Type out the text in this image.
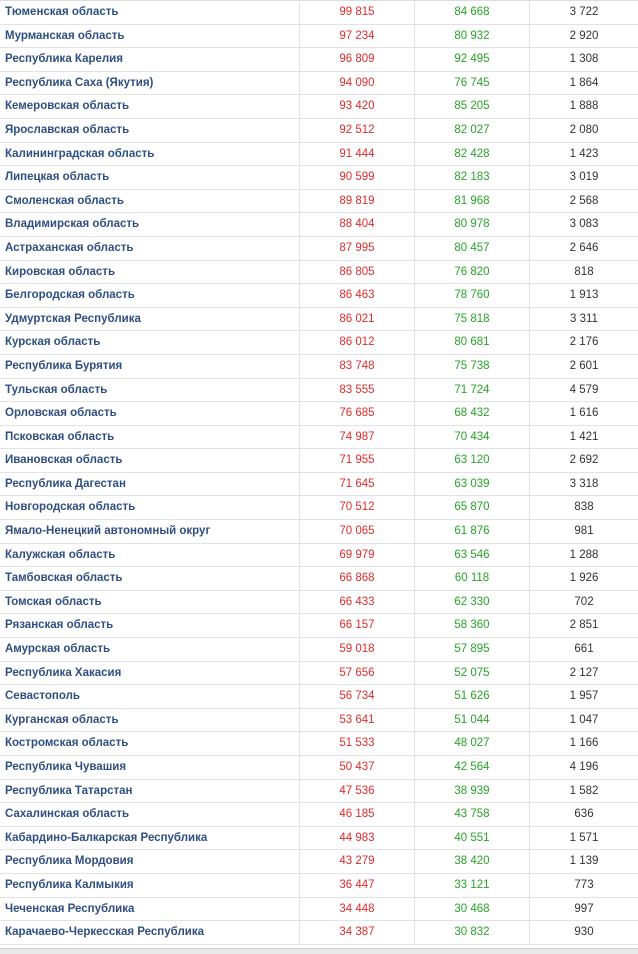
Тюменская область	99 815	84 668	3 722
Мурманская область	97 234	80 932	2 920
Республика Карелия	96 809	92 495	1 308
Республика Саха (Якутия)	94 090	76 745	1 864
Кемеровская область	93 420	85 205	1 888
Ярославская область	92 512	82 027	2 080
Калининградская область	91 444	82 428	1 423
Липецкая область	90 599	82 183	3 019
Смоленская область	89 819	81 968	2 568
Владимирская область	88 404	80 978	3 083
Астраханская область	87 995	80 457	2 646
Кировская область	86 805	76 820	818
Белгородская область	86 463	78 760	1 913
Удмуртская Республика	86 021	75 818	3 311
Курская область	86 012	80 681	2 176
Республика Бурятия	83 748	75 738	2 601
Тульская область	83 555	71 724	4 579
Орловская область	76 685	68 432	1 616
Псковская область	74 987	70 434	1 421
Ивановская область	71 955	63 120	2 692
Республика Дагестан	71 645	63 039	3 318
Новгородская область	70 512	65 870	838
Ямало-Ненецкий автономный округ	70 065	61 876	981
Калужская область	69 979	63 546	1 288
Тамбовская область	66 868	60 118	1 926
Томская область	66 433	62 330	702
Рязанская область	66 157	58 360	2 851
Амурская область	59 018	57 895	661
Республика Хакасия	57 656	52 075	2 127
Севастополь	56 734	51 626	1 957
Курганская область	53 641	51 044	1 047
Костромская область	51 533	48 027	1 166
Республика Чувашия	50 437	42 564	4 196
Республика Татарстан	47 536	38 939	1 582
Сахалинская область	46 185	43 758	636
Кабардино-Балкарская Республика	44 983	40 551	1 571
Республика Мордовия	43 279	38 420	1 139
Республика Калмыкия	36 447	33 121	773
Чеченская Республика	34 448	30 468	997
Карачаево-Черкесская Республика	34 387	30 832	930
